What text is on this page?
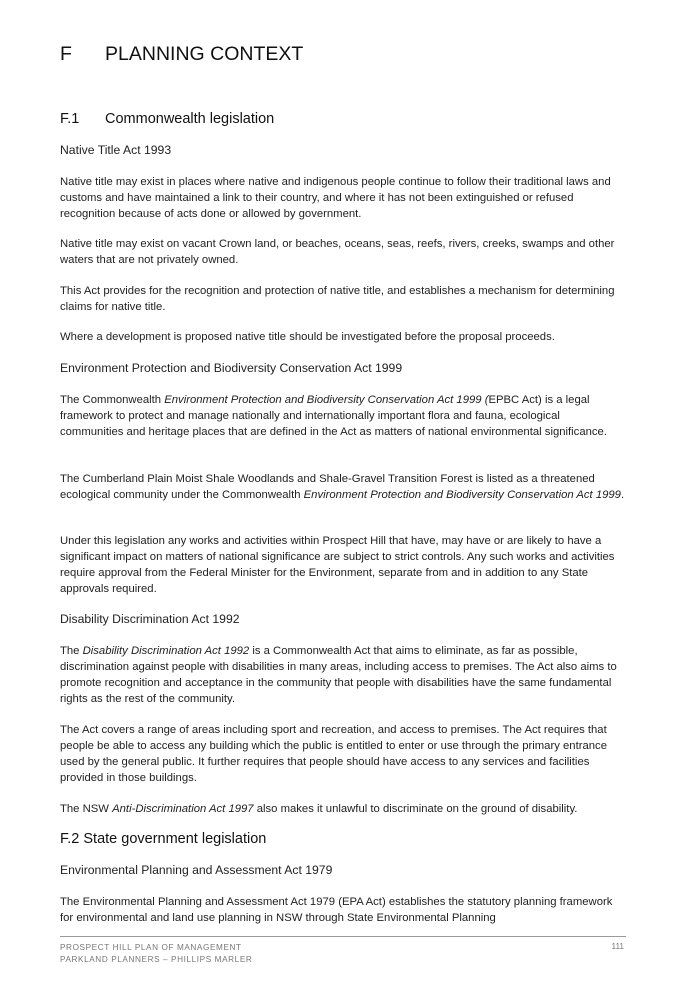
F PLANNING CONTEXT
F.1 Commonwealth legislation
Native Title Act 1993
Native title may exist in places where native and indigenous people continue to follow their traditional laws and customs and have maintained a link to their country, and where it has not been extinguished or refused recognition because of acts done or allowed by government.
Native title may exist on vacant Crown land, or beaches, oceans, seas, reefs, rivers, creeks, swamps and other waters that are not privately owned.
This Act provides for the recognition and protection of native title, and establishes a mechanism for determining claims for native title.
Where a development is proposed native title should be investigated before the proposal proceeds.
Environment Protection and Biodiversity Conservation Act 1999
The Commonwealth Environment Protection and Biodiversity Conservation Act 1999 (EPBC Act) is a legal framework to protect and manage nationally and internationally important flora and fauna, ecological communities and heritage places that are defined in the Act as matters of national environmental significance.
The Cumberland Plain Moist Shale Woodlands and Shale-Gravel Transition Forest is listed as a threatened ecological community under the Commonwealth Environment Protection and Biodiversity Conservation Act 1999.
Under this legislation any works and activities within Prospect Hill that have, may have or are likely to have a significant impact on matters of national significance are subject to strict controls. Any such works and activities require approval from the Federal Minister for the Environment, separate from and in addition to any State approvals required.
Disability Discrimination Act 1992
The Disability Discrimination Act 1992 is a Commonwealth Act that aims to eliminate, as far as possible, discrimination against people with disabilities in many areas, including access to premises. The Act also aims to promote recognition and acceptance in the community that people with disabilities have the same fundamental rights as the rest of the community.
The Act covers a range of areas including sport and recreation, and access to premises. The Act requires that people be able to access any building which the public is entitled to enter or use through the primary entrance used by the general public. It further requires that people should have access to any services and facilities provided in those buildings.
The NSW Anti-Discrimination Act 1997 also makes it unlawful to discriminate on the ground of disability.
F.2 State government legislation
Environmental Planning and Assessment Act 1979
The Environmental Planning and Assessment Act 1979 (EPA Act) establishes the statutory planning framework for environmental and land use planning in NSW through State Environmental Planning
PROSPECT HILL PLAN OF MANAGEMENT
PARKLAND PLANNERS – PHILLIPS MARLER
111
